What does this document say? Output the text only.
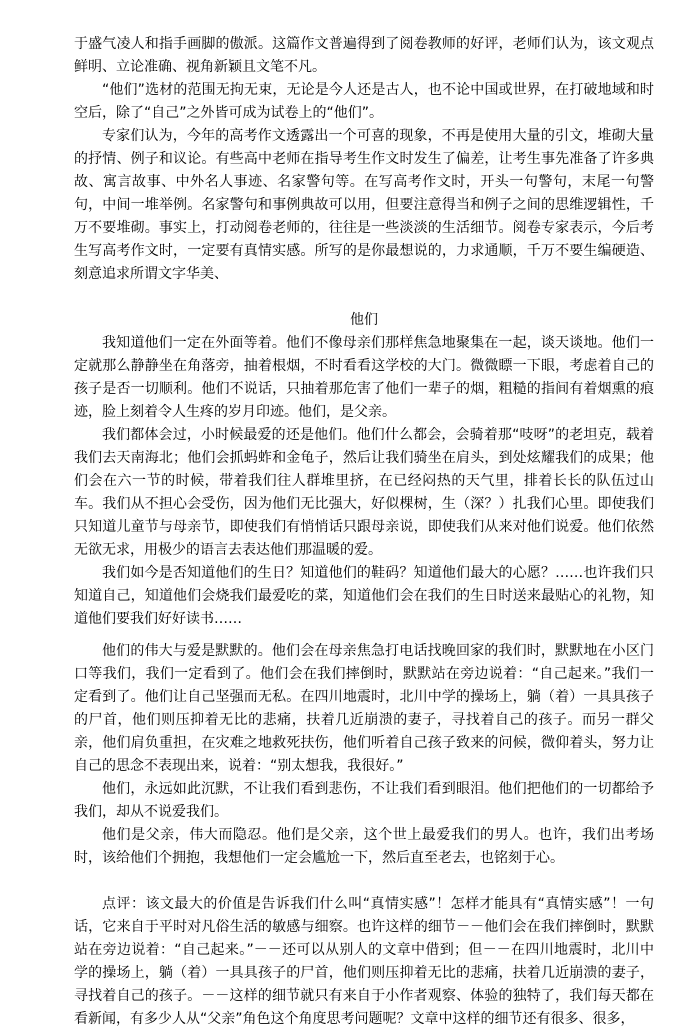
于盛气凌人和指手画脚的傲派。这篇作文普遍得到了阅卷教师的好评，老师们认为，该文观点鲜明、立论准确、视角新颖且文笔不凡。

“他们”选材的范围无拘无束，无论是今人还是古人，也不论中国或世界，在打破地域和时空后，除了“自己”之外皆可成为试卷上的“他们”。

专家们认为，今年的高考作文透露出一个可喜的现象，不再是使用大量的引文，堆砌大量的抒情、例子和议论。有些高中老师在指导考生作文时发生了偏差，让考生事先准备了许多典故、寓言故事、中外名人事迹、名家警句等。在写高考作文时，开头一句警句，末尾一句警句，中间一堆举例。名家警句和事例典故可以用，但要注意得当和例子之间的思维逻辑性，千万不要堆砌。事实上，打动阅卷老师的，往往是一些淡淡的生活细节。阅卷专家表示，今后考生写高考作文时，一定要有真情实感。所写的是你最想说的，力求通顺，千万不要生编硬造、刻意追求所谓文字华美、

他们

我知道他们一定在外面等着。他们不像母亲们那样焦急地聚集在一起，谈天谈地。他们一定就那么静静坐在角落旁，抽着根烟，不时看看这学校的大门。微微瞟一下眼，考虑着自己的孩子是否一切顺利。他们不说话，只抽着那危害了他们一辈子的烟，粗糙的指间有着烟熏的痕迹，脸上刻着令人生疼的岁月印迹。他们，是父亲。

我们都体会过，小时候最爱的还是他们。他们什么都会，会骑着那“吱呀”的老坦克，载着我们去天南海北；他们会抓蚂蚱和金龟子，然后让我们骑坐在肩头，到处炫耀我们的成果；他们会在六一节的时候，带着我们往人群堆里挤，在已经闷热的天气里，排着长长的队伍过山车。我们从不担心会受伤，因为他们无比强大，好似棵树，生（深？）扎我们心里。即使我们只知道儿童节与母亲节，即使我们有悄悄话只跟母亲说，即使我们从来对他们说爱。他们依然无欲无求，用极少的语言去表达他们那温暖的爱。

我们如今是否知道他们的生日？知道他们的鞋码？知道他们最大的心愿？……也许我们只知道自己，知道他们会烧我们最爱吃的菜，知道他们会在我们的生日时送来最贴心的礼物，知道他们要我们好好读书……

他们的伟大与爱是默默的。他们会在母亲焦急打电话找晚回家的我们时，默默地在小区门口等我们，我们一定看到了。他们会在我们摔倒时，默默站在旁边说着：“自己起来。”我们一定看到了。他们让自己坚强而无私。在四川地震时，北川中学的操场上，躺（着）一具具孩子的尸首，他们则压抑着无比的悲痛，扶着几近崩溃的妻子，寻找着自己的孩子。而另一群父亲，他们肩负重担，在灾难之地救死扶伤，他们听着自己孩子致来的问候，微仰着头，努力让自己的思念不表现出来，说着：“别太想我，我很好。”

他们，永远如此沉默，不让我们看到悲伤，不让我们看到眼泪。他们把他们的一切都给予我们，却从不说爱我们。

他们是父亲，伟大而隐忍。他们是父亲，这个世上最爱我们的男人。也许，我们出考场时，该给他们个拥抱，我想他们一定会尴尬一下，然后直至老去，也铭刻于心。

点评：该文最大的价值是告诉我们什么叫“真情实感”！怎样才能具有“真情实感”！一句话，它来自于平时对凡俗生活的敏感与细察。也许这样的细节－－他们会在我们摔倒时，默默站在旁边说着：“自己起来。”－－还可以从别人的文章中借到；但－－在四川地震时，北川中学的操场上，躺（着）一具具孩子的尸首，他们则压抑着无比的悲痛，扶着几近崩溃的妻子，寻找着自己的孩子。－－这样的细节就只有来自于小作者观察、体验的独特了，我们每天都在看新闻，有多少人从“父亲”角色这个角度思考问题呢？文章中这样的细节还有很多、很多，
